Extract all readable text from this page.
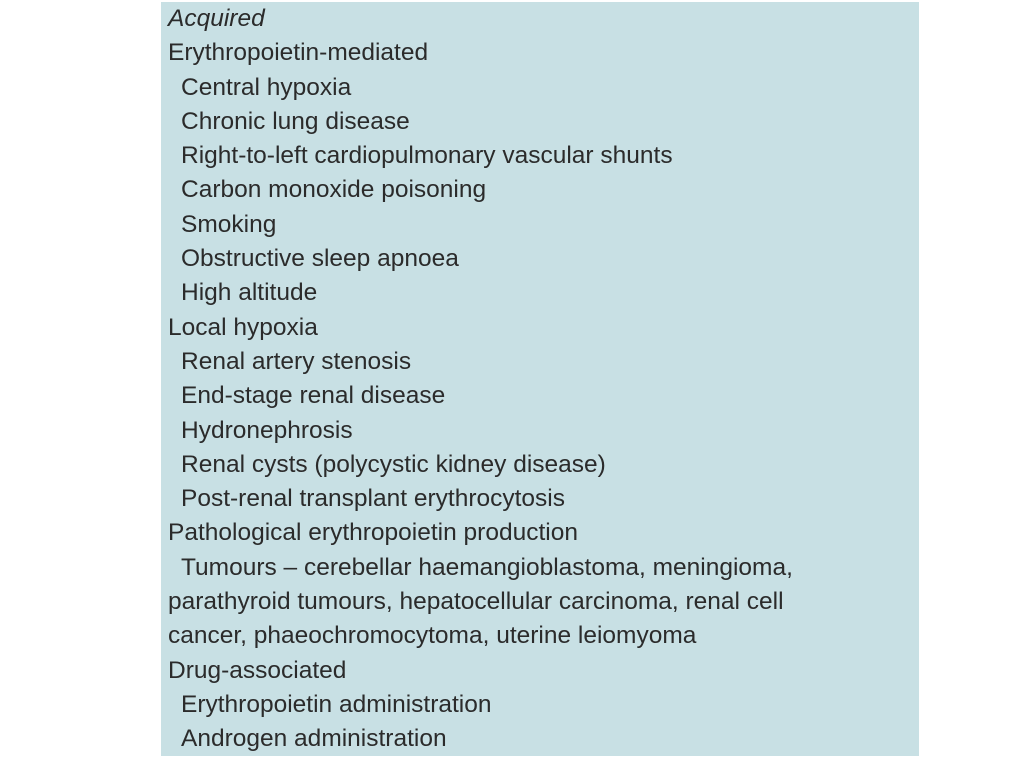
Acquired
Erythropoietin-mediated
Central hypoxia
Chronic lung disease
Right-to-left cardiopulmonary vascular shunts
Carbon monoxide poisoning
Smoking
Obstructive sleep apnoea
High altitude
Local hypoxia
Renal artery stenosis
End-stage renal disease
Hydronephrosis
Renal cysts (polycystic kidney disease)
Post-renal transplant erythrocytosis
Pathological erythropoietin production
Tumours – cerebellar haemangioblastoma, meningioma,
parathyroid tumours, hepatocellular carcinoma, renal cell
cancer, phaeochromocytoma, uterine leiomyoma
Drug-associated
Erythropoietin administration
Androgen administration
